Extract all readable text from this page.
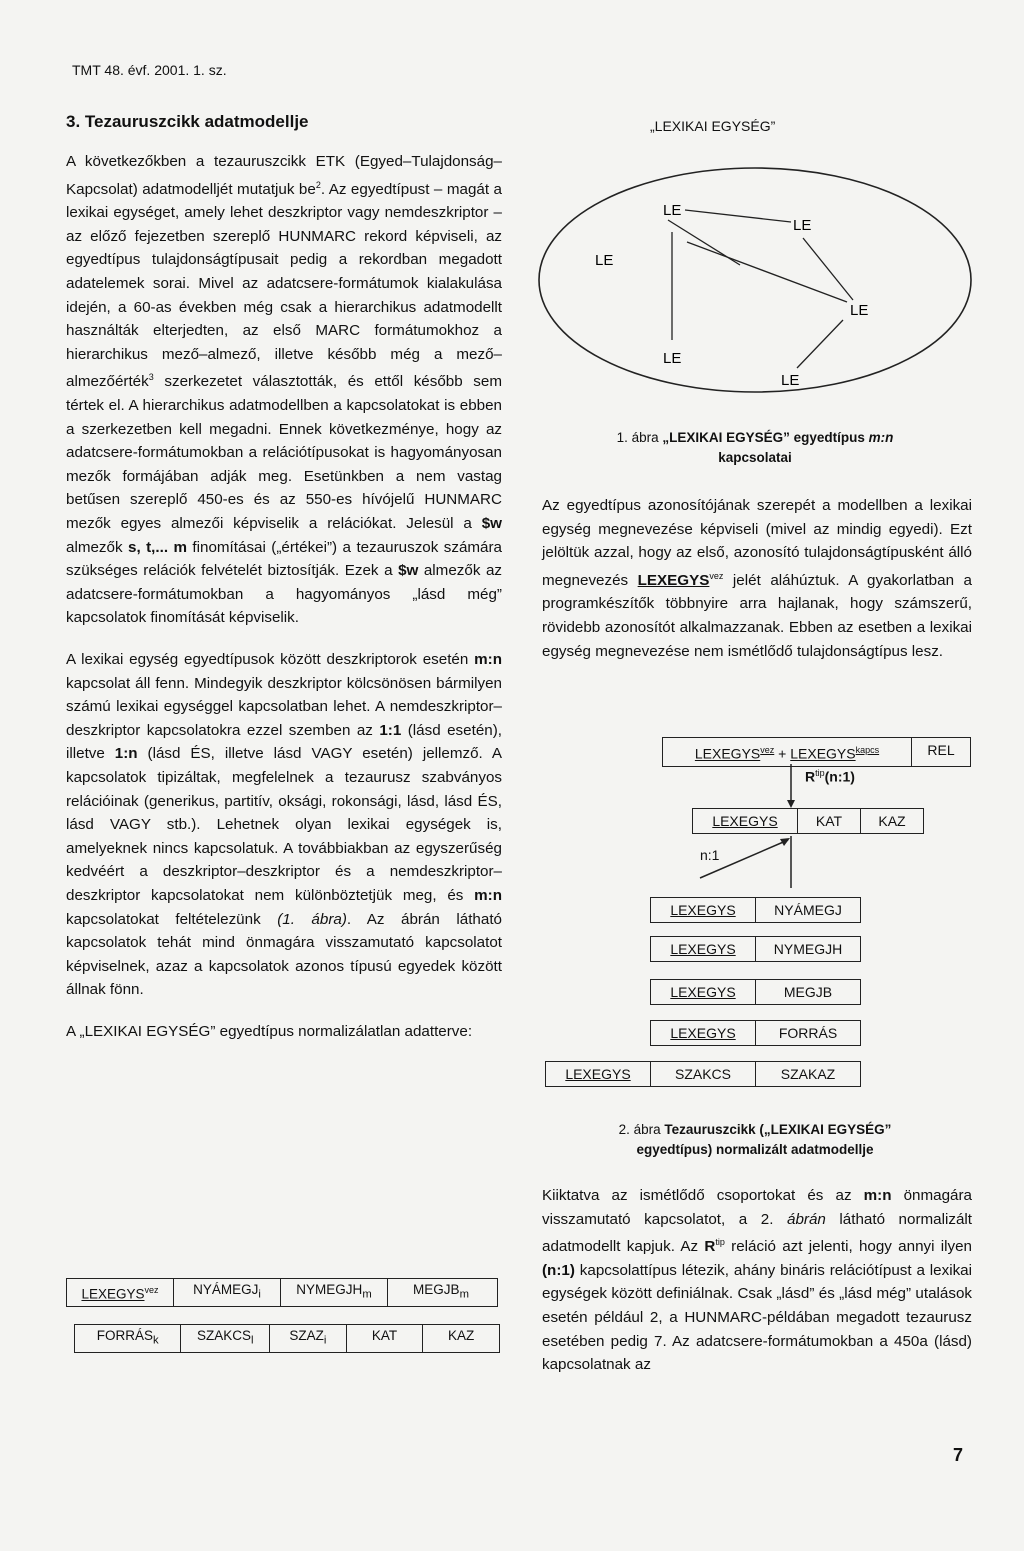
TMT 48. évf. 2001. 1. sz.
3. Tezauruszcikk adatmodellje

A következőkben a tezauruszcikk ETK (Egyed–Tulajdonság–Kapcsolat) adatmodelljét mutatjuk $be^2$. Az egyedtípust – magát a lexikai egységet, amely lehet deszkriptor vagy nemdeszkriptor – az előző fejezetben szereplő HUNMARC rekord képviseli, az egyedtípus tulajdonságtípusait pedig a rekordban megadott adatelemek sorai. Mivel az adatcsere-formátumok kialakulása idején, a 60-as években még csak a hierarchikus adatmodellt használták elterjedten, az első MARC formátumokhoz a hierarchikus mező–almező, illetve később még a mező–almezőérték$^3$ szerkezetet választották, és ettől később sem tértek el. A hierarchikus adatmodellben a kapcsolatokat is ebben a szerkezetben kell megadni. Ennek következménye, hogy az adatcsere-formátumokban a relációtípusokat is hagyományosan mezők formájában adják meg. Esetünkben a nem vastag betűsen szereplő 450-es és az 550-es hívójelű HUNMARC mezők egyes almezői képviselik a relációkat. Jelesül a $w almezők s, t,... m finomításai („értékei”) a tezauruszok számára szükséges relációk felvételét biztosítják. Ezek a $w almezők az adatcsere-formátumokban a hagyományos „lásd még” kapcsolatok finomítását képviselik.

A lexikai egység egyedtípusok között deszkriptorok esetén m:n kapcsolat áll fenn. Mindegyik deszkriptor kölcsönösen bármilyen számú lexikai egységgel kapcsolatban lehet. A nemdeszkriptor–deszkriptor kapcsolatokra ezzel szemben az 1:1 (lásd esetén), illetve 1:n (lásd ÉS, illetve lásd VAGY esetén) jellemző. A kapcsolatok tipizáltak, megfelelnek a tezaurusz szabványos relációinak (generikus, partitív, oksági, rokonsági, lásd, lásd ÉS, lásd VAGY stb.). Lehetnek olyan lexikai egységek is, amelyeknek nincs kapcsolatuk. A továbbiakban az egyszerűség kedvéért a deszkriptor–deszkriptor és a nemdeszkriptor–deszkriptor kapcsolatokat nem különböztetjük meg, és m:n kapcsolatokat feltételezünk (1. ábra). Az ábrán látható kapcsolatok tehát mind önmagára visszamutató kapcsolatot képviselnek, azaz a kapcsolatok azonos típusú egyedek között állnak fönn.

A „LEXIKAI EGYSÉG” egyedtípus normalizálatlan adatterve:

$LEXEGYS^{vez}$	$NYÁMEGJ_i$	$NYMEGJH_m$	$MEGJB_m$
$FORRÁS_k$	$SZAKCS_l$	$SZAZ_i$	KAT	KAZ
„LEXIKAI EGYSÉG”
LE
LE
LE
LE
LE
LE
1. ábra „LEXIKAI EGYSÉG” egyedtípus m:n
kapcsolatai

Az egyedtípus azonosítójának szerepét a modellben a lexikai egység megnevezése képviseli (mivel az mindig egyedi). Ezt jelöltük azzal, hogy az első, azonosító tulajdonságtípusként álló megnevezés $LEXEGYS^{vez}$ jelét aláhúztuk. A gyakorlatban a programkészítők többnyire arra hajlanak, hogy számszerű, rövidebb azonosítót alkalmazzanak. Ebben az esetben a lexikai egység megnevezése nem ismétlődő tulajdonságtípus lesz.

$LEXEGYS^{vez}$ + $LEXEGYS^{kapcs}$	REL
$R^{tip}(n:1)$
n:1
LEXEGYS	KAT	KAZ
LEXEGYS	NYÁMEGJ
LEXEGYS	NYMEGJH
LEXEGYS	MEGJB
LEXEGYS	FORRÁS
LEXEGYS	SZAKCS	SZAKAZ
2. ábra Tezauruszcikk („LEXIKAI EGYSÉG”
egyedtípus) normalizált adatmodellje

Kiiktatva az ismétlődő csoportokat és az m:n önmagára visszamutató kapcsolatot, a 2. ábrán látható normalizált adatmodellt kapjuk. Az $R^{tip}$ reláció azt jelenti, hogy annyi ilyen (n:1) kapcsolattípus létezik, ahány bináris relációtípust a lexikai egységek között definiálnak. Csak „lásd” és „lásd még” utalások esetén például 2, a HUNMARC-példában megadott tezaurusz esetében pedig 7. Az adatcsere-formátumokban a 450a (lásd) kapcsolatnak az

7
